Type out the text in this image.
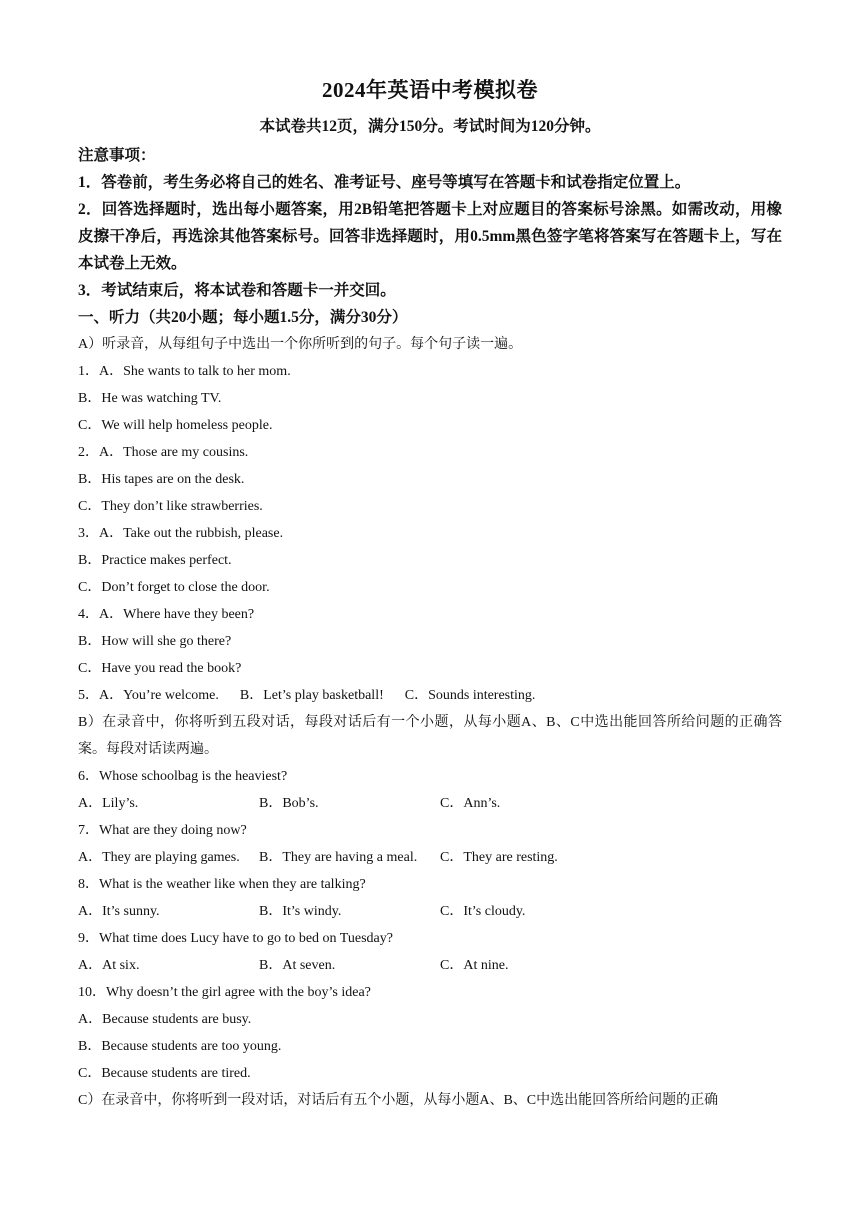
2024年英语中考模拟卷
本试卷共12页，满分150分。考试时间为120分钟。
注意事项：
1．答卷前，考生务必将自己的姓名、准考证号、座号等填写在答题卡和试卷指定位置上。
2．回答选择题时，选出每小题答案，用2B铅笔把答题卡上对应题目的答案标号涂黑。如需改动，用橡皮擦干净后，再选涂其他答案标号。回答非选择题时，用0.5mm黑色签字笔将答案写在答题卡上，写在本试卷上无效。
3．考试结束后，将本试卷和答题卡一并交回。
一、听力（共20小题；每小题1.5分，满分30分）
A）听录音，从每组句子中选出一个你所听到的句子。每个句子读一遍。
1．A．She wants to talk to her mom.
B．He was watching TV.
C．We will help homeless people.
2．A．Those are my cousins.
B．His tapes are on the desk.
C．They don’t like strawberries.
3．A．Take out the rubbish, please.
B．Practice makes perfect.
C．Don’t forget to close the door.
4．A．Where have they been?
B．How will she go there?
C．Have you read the book?
5．A．You’re welcome.      B．Let’s play basketball!      C．Sounds interesting.
B）在录音中，你将听到五段对话，每段对话后有一个小题，从每小题A、B、C中选出能回答所给问题的正确答案。每段对话读两遍。
6．Whose schoolbag is the heaviest?
A．Lily’s.	B．Bob’s.	C．Ann’s.
7．What are they doing now?
A．They are playing games.	B．They are having a meal.	C．They are resting.
8．What is the weather like when they are talking?
A．It’s sunny.	B．It’s windy.	C．It’s cloudy.
9．What time does Lucy have to go to bed on Tuesday?
A．At six.	B．At seven.	C．At nine.
10．Why doesn’t the girl agree with the boy’s idea?
A．Because students are busy.
B．Because students are too young.
C．Because students are tired.
C）在录音中，你将听到一段对话，对话后有五个小题，从每小题A、B、C中选出能回答所给问题的正确
